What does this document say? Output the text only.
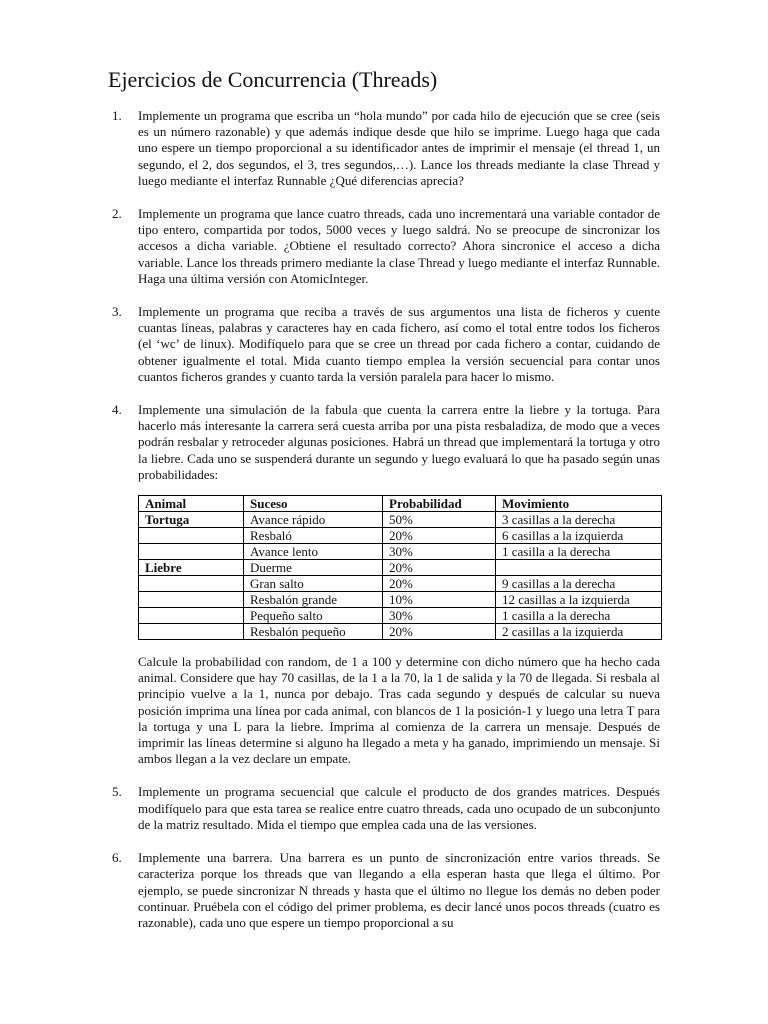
Ejercicios de Concurrencia (Threads)
1. Implemente un programa que escriba un “hola mundo” por cada hilo de ejecución que se cree (seis es un número razonable) y que además indique desde que hilo se imprime. Luego haga que cada uno espere un tiempo proporcional a su identificador antes de imprimir el mensaje (el thread 1, un segundo, el 2, dos segundos, el 3, tres segundos,…). Lance los threads mediante la clase Thread y luego mediante el interfaz Runnable ¿Qué diferencias aprecia?

2. Implemente un programa que lance cuatro threads, cada uno incrementará una variable contador de tipo entero, compartida por todos, 5000 veces y luego saldrá. No se preocupe de sincronizar los accesos a dicha variable. ¿Obtiene el resultado correcto? Ahora sincronice el acceso a dicha variable. Lance los threads primero mediante la clase Thread y luego mediante el interfaz Runnable. Haga una última versión con AtomicInteger.

3. Implemente un programa que reciba a través de sus argumentos una lista de ficheros y cuente cuantas líneas, palabras y caracteres hay en cada fichero, así como el total entre todos los ficheros (el ‘wc’ de linux). Modifíquelo para que se cree un thread por cada fichero a contar, cuidando de obtener igualmente el total. Mida cuanto tiempo emplea la versión secuencial para contar unos cuantos ficheros grandes y cuanto tarda la versión paralela para hacer lo mismo.

4. Implemente una simulación de la fabula que cuenta la carrera entre la liebre y la tortuga. Para hacerlo más interesante la carrera será cuesta arriba por una pista resbaladiza, de modo que a veces podrán resbalar y retroceder algunas posiciones. Habrá un thread que implementará la tortuga y otro la liebre. Cada uno se suspenderá durante un segundo y luego evaluará lo que ha pasado según unas probabilidades:

Animal	Suceso	Probabilidad	Movimiento
Tortuga	Avance rápido	50%	3 casillas a la derecha
	Resbaló	20%	6 casillas a la izquierda
	Avance lento	30%	1 casilla a la derecha
Liebre	Duerme	20%	
	Gran salto	20%	9 casillas a la derecha
	Resbalón grande	10%	12 casillas a la izquierda
	Pequeño salto	30%	1 casilla a la derecha
	Resbalón pequeño	20%	2 casillas a la izquierda

Calcule la probabilidad con random, de 1 a 100 y determine con dicho número que ha hecho cada animal. Considere que hay 70 casillas, de la 1 a la 70, la 1 de salida y la 70 de llegada. Si resbala al principio vuelve a la 1, nunca por debajo. Tras cada segundo y después de calcular su nueva posición imprima una línea por cada animal, con blancos de 1 la posición-1 y luego una letra T para la tortuga y una L para la liebre. Imprima al comienza de la carrera un mensaje. Después de imprimir las líneas determine si alguno ha llegado a meta y ha ganado, imprimiendo un mensaje. Si ambos llegan a la vez declare un empate.

5. Implemente un programa secuencial que calcule el producto de dos grandes matrices. Después modifíquelo para que esta tarea se realice entre cuatro threads, cada uno ocupado de un subconjunto de la matriz resultado. Mida el tiempo que emplea cada una de las versiones.

6. Implemente una barrera. Una barrera es un punto de sincronización entre varios threads. Se caracteriza porque los threads que van llegando a ella esperan hasta que llega el último. Por ejemplo, se puede sincronizar N threads y hasta que el último no llegue los demás no deben poder continuar. Pruébela con el código del primer problema, es decir lancé unos pocos threads (cuatro es razonable), cada uno que espere un tiempo proporcional a su
